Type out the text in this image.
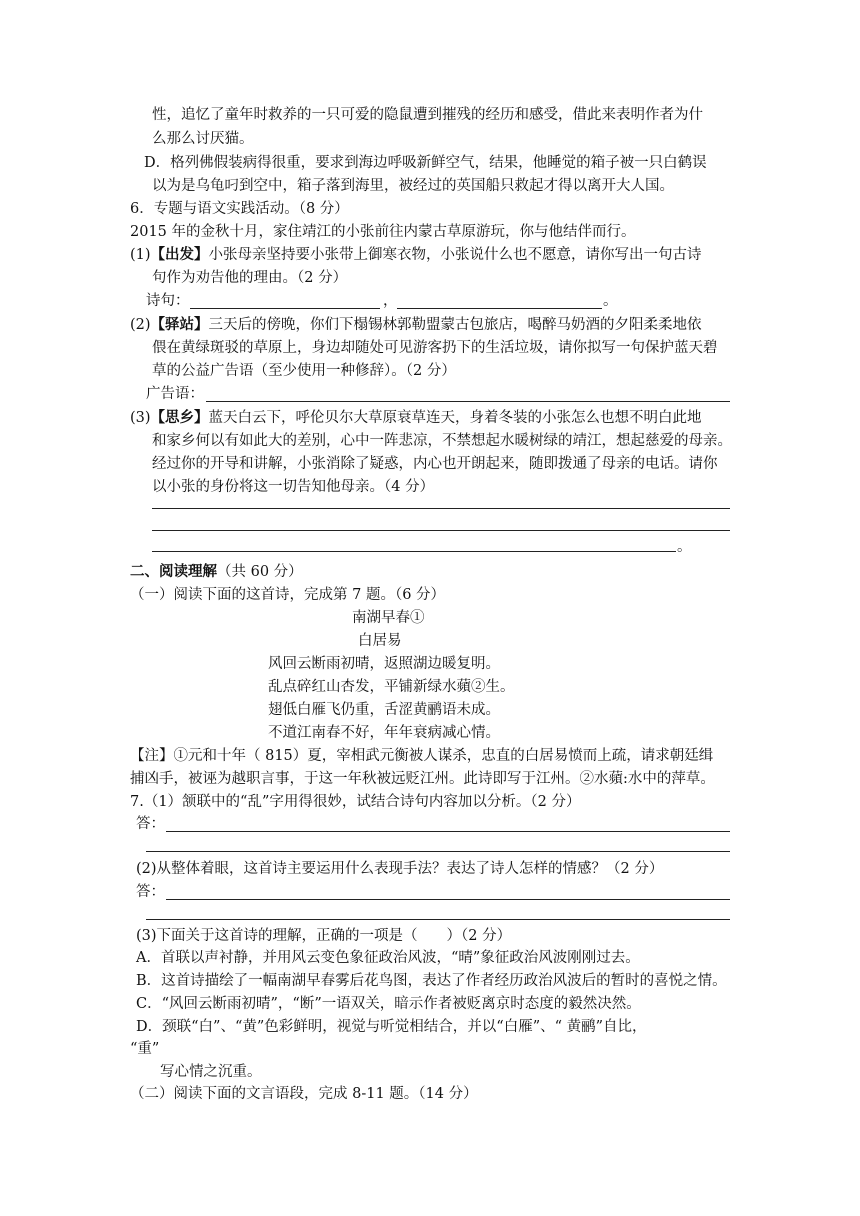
性，追忆了童年时救养的一只可爱的隐鼠遭到摧残的经历和感受，借此来表明作者为什
么那么讨厌猫。
D．格列佛假装病得很重，要求到海边呼吸新鲜空气，结果，他睡觉的箱子被一只白鹤误
以为是乌龟叼到空中，箱子落到海里，被经过的英国船只救起才得以离开大人国。
6．专题与语文实践活动。（8 分）
2015 年的金秋十月，家住靖江的小张前往内蒙古草原游玩，你与他结伴而行。
(1)【出发】小张母亲坚持要小张带上御寒衣物，小张说什么也不愿意，请你写出一句古诗
句作为劝告他的理由。（2 分）
诗句：	，	。
(2)【驿站】三天后的傍晚，你们下榻锡林郭勒盟蒙古包旅店，喝醉马奶酒的夕阳柔柔地依
偎在黄绿斑驳的草原上，身边却随处可见游客扔下的生活垃圾，请你拟写一句保护蓝天碧
草的公益广告语（至少使用一种修辞）。（2 分）
广告语：
(3)【思乡】蓝天白云下，呼伦贝尔大草原衰草连天，身着冬装的小张怎么也想不明白此地
和家乡何以有如此大的差别，心中一阵悲凉，不禁想起水暖树绿的靖江，想起慈爱的母亲。
经过你的开导和讲解，小张消除了疑惑，内心也开朗起来，随即拨通了母亲的电话。请你
以小张的身份将这一切告知他母亲。（4 分）
。
二、阅读理解（共 60 分）
（一）阅读下面的这首诗，完成第 7 题。（6 分）
南湖早春①
白居易
风回云断雨初晴，返照湖边暖复明。
乱点碎红山杏发，平铺新绿水蘋②生。
翅低白雁飞仍重，舌涩黄鹂语未成。
不道江南春不好，年年衰病减心情。
【注】①元和十年（ 815）夏，宰相武元衡被人谋杀，忠直的白居易愤而上疏，请求朝廷缉
捕凶手，被诬为越职言事，于这一年秋被远贬江州。此诗即写于江州。②水蘋:水中的萍草。
7.（1）颔联中的“乱”字用得很妙，试结合诗句内容加以分析。（2 分）
答：
(2)从整体着眼，这首诗主要运用什么表现手法？表达了诗人怎样的情感？（2 分）
答：
(3)下面关于这首诗的理解，正确的一项是（　　）（2 分）
A．首联以声衬静，并用风云变色象征政治风波，“晴”象征政治风波刚刚过去。
B．这首诗描绘了一幅南湖早春雾后花鸟图，表达了作者经历政治风波后的暂时的喜悦之情。
C．“风回云断雨初晴”，“断”一语双关，暗示作者被贬离京时态度的毅然决然。
D．颈联“白”、“黄”色彩鲜明，视觉与听觉相结合，并以“白雁”、“ 黄鹂”自比，
“重”
写心情之沉重。
（二）阅读下面的文言语段，完成 8-11 题。（14 分）
